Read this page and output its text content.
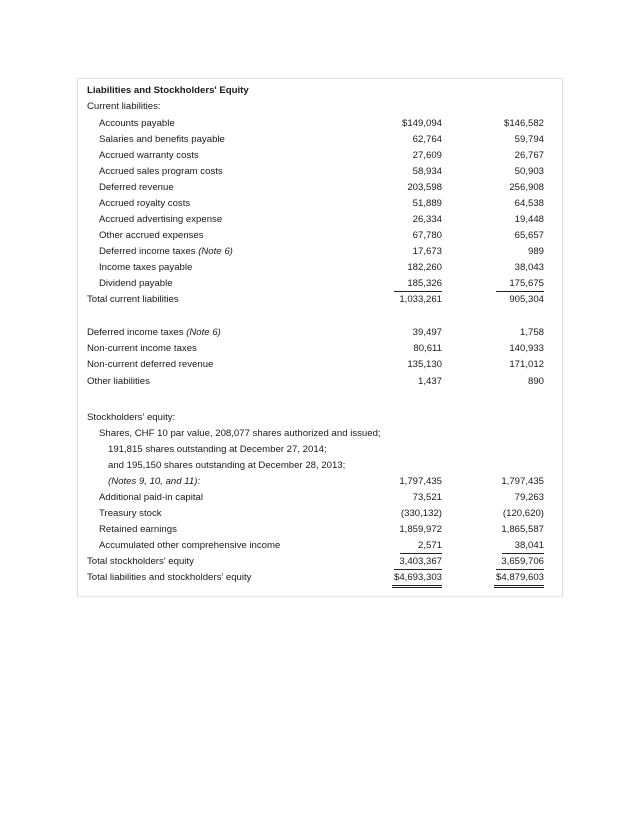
Liabilities and Stockholders' Equity
Current liabilities:
Accounts payable	$149,094	$146,582
Salaries and benefits payable	62,764	59,794
Accrued warranty costs	27,609	26,767
Accrued sales program costs	58,934	50,903
Deferred revenue	203,598	256,908
Accrued royalty costs	51,889	64,538
Accrued advertising expense	26,334	19,448
Other accrued expenses	67,780	65,657
Deferred income taxes (Note 6)	17,673	989
Income taxes payable	182,260	38,043
Dividend payable	185,326	175,675
Total current liabilities	1,033,261	905,304
Deferred income taxes (Note 6)	39,497	1,758
Non-current income taxes	80,611	140,933
Non-current deferred revenue	135,130	171,012
Other liabilities	1,437	890
Stockholders' equity:
Shares, CHF 10 par value, 208,077 shares authorized and issued;
191,815 shares outstanding at December 27, 2014;
and 195,150 shares outstanding at December 28, 2013;
(Notes 9, 10, and 11):	1,797,435	1,797,435
Additional paid-in capital	73,521	79,263
Treasury stock	(330,132)	(120,620)
Retained earnings	1,859,972	1,865,587
Accumulated other comprehensive income	2,571	38,041
Total stockholders' equity	3,403,367	3,659,706
Total liabilities and stockholders' equity	$4,693,303	$4,879,603
